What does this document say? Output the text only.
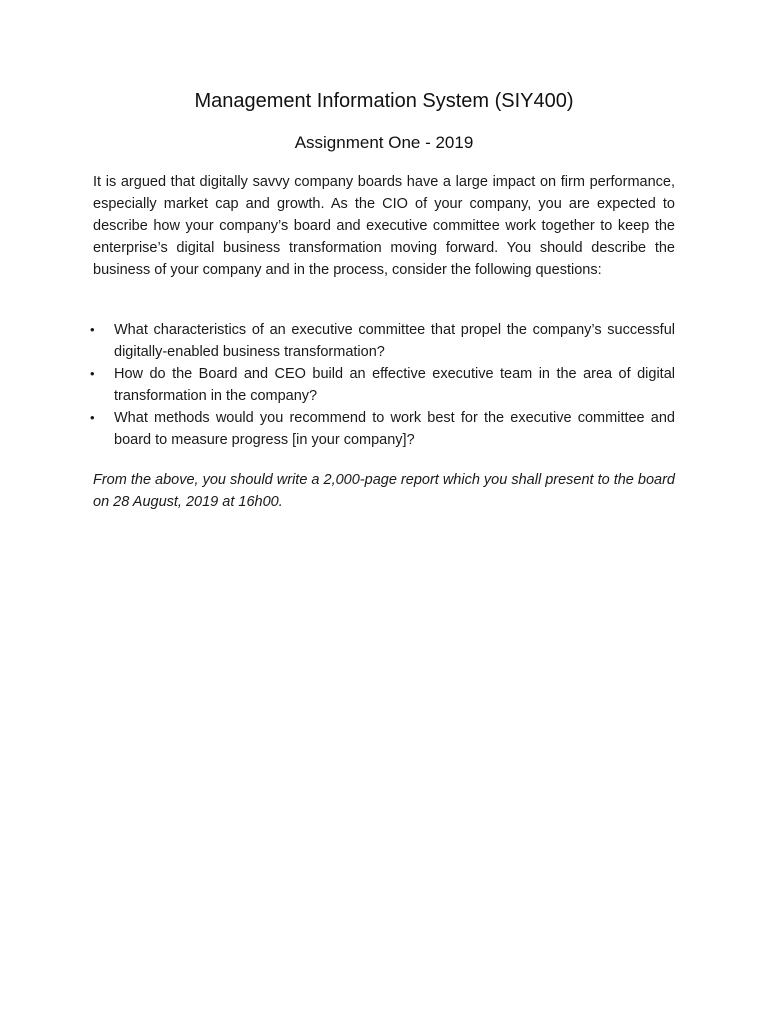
Management Information System (SIY400)
Assignment One - 2019

It is argued that digitally savvy company boards have a large impact on firm performance, especially market cap and growth. As the CIO of your company, you are expected to describe how your company’s board and executive committee work together to keep the enterprise’s digital business transformation moving forward. You should describe the business of your company and in the process, consider the following questions:

•	What characteristics of an executive committee that propel the company’s successful digitally-enabled business transformation?
•	How do the Board and CEO build an effective executive team in the area of digital transformation in the company?
•	What methods would you recommend to work best for the executive committee and board to measure progress [in your company]?

From the above, you should write a 2,000-page report which you shall present to the board on 28 August, 2019 at 16h00.
